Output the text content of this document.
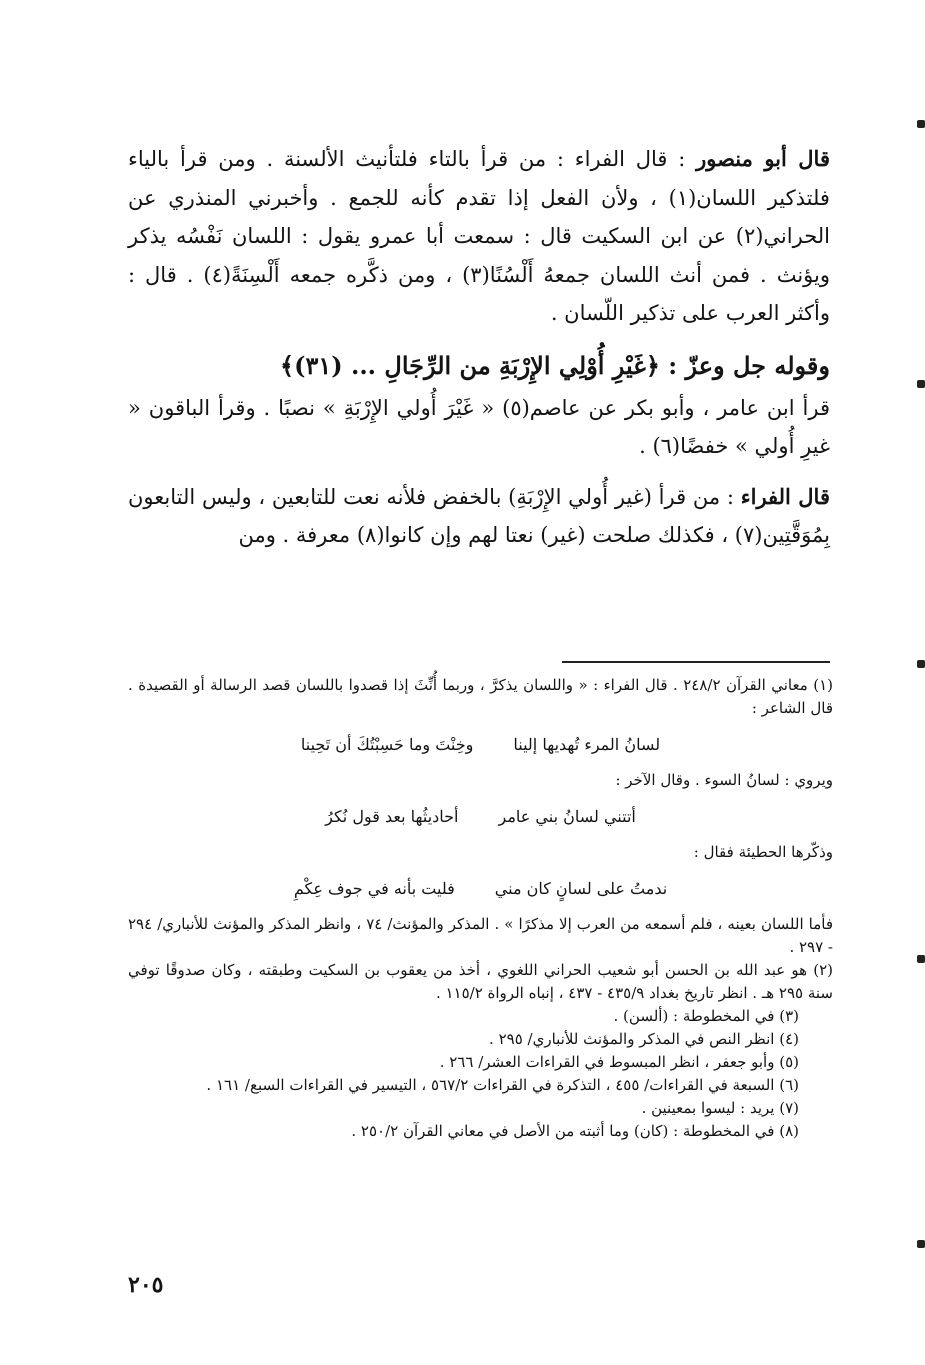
قال أبو منصور : قال الفراء : من قرأ بالتاء فلتأنيث الألسنة . ومن قرأ بالياء فلتذكير اللسان(١) ، ولأن الفعل إذا تقدم كأنه للجمع . وأخبرني المنذري عن الحراني(٢) عن ابن السكيت قال : سمعت أبا عمرو يقول : اللسان نَفْسُه يذكر ويؤنث . فمن أنث اللسان جمعهُ أَلْسُنًا(٣) ، ومن ذكَّره جمعه أَلْسِنَةً(٤) . قال : وأكثر العرب على تذكير اللّسان .

وقوله جل وعزّ : ﴿غَيْرِ أُوْلِي الإِرْبَةِ من الرِّجَالِ ... (٣١)﴾

قرأ ابن عامر ، وأبو بكر عن عاصم(٥) « غَيْرَ أُولي الإِرْبَةِ » نصبًا . وقرأ الباقون « غيرِ أُولي » خفضًا(٦) .

قال الفراء : من قرأ (غير أُولي الإِرْبَةِ) بالخفض فلأنه نعت للتابعين ، وليس التابعون بِمُوَقَّتِين(٧) ، فكذلك صلحت (غير) نعتا لهم وإن كانوا(٨) معرفة . ومن

(١) معاني القرآن ٢٤٨/٢ . قال الفراء : « واللسان يذكرَّ ، وربما أُنِّثَ إذا قصدوا باللسان قصد الرسالة أو القصيدة . قال الشاعر :

لسانُ المرء تُهديها إلينا
وخِنْتَ وما حَسِبْتُكَ أن تَحِينا

ويروي : لسانُ السوء . وقال الآخر :

أتتني لسانُ بني عامر
أحاديثُها بعد قول نُكرُ

وذكّرها الحطيئة فقال :

ندمتُ على لسانٍ كان مني
فليت بأنه في جوف عِكْمِ

فأما اللسان بعينه ، فلم أسمعه من العرب إلا مذكرًا » . المذكر والمؤنث/ ٧٤ ، وانظر المذكر والمؤنث للأنباري/ ٢٩٤ - ٢٩٧ .

(٢) هو عبد الله بن الحسن أبو شعيب الحراني اللغوي ، أخذ من يعقوب بن السكيت وطبقته ، وكان صدوقًا توفي سنة ٢٩٥ هـ . انظر تاريخ بغداد ٤٣٥/٩ - ٤٣٧ ، إنباه الرواة ١١٥/٢ .

(٣) في المخطوطة : (ألسن) .

(٤) انظر النص في المذكر والمؤنث للأنباري/ ٢٩٥ .

(٥) وأبو جعفر ، انظر المبسوط في القراءات العشر/ ٢٦٦ .

(٦) السبعة في القراءات/ ٤٥٥ ، التذكرة في القراءات ٥٦٧/٢ ، التيسير في القراءات السبع/ ١٦١ .

(٧) يريد : ليسوا بمعينين .

(٨) في المخطوطة : (كان) وما أثبته من الأصل في معاني القرآن ٢٥٠/٢ .

٢٠٥
